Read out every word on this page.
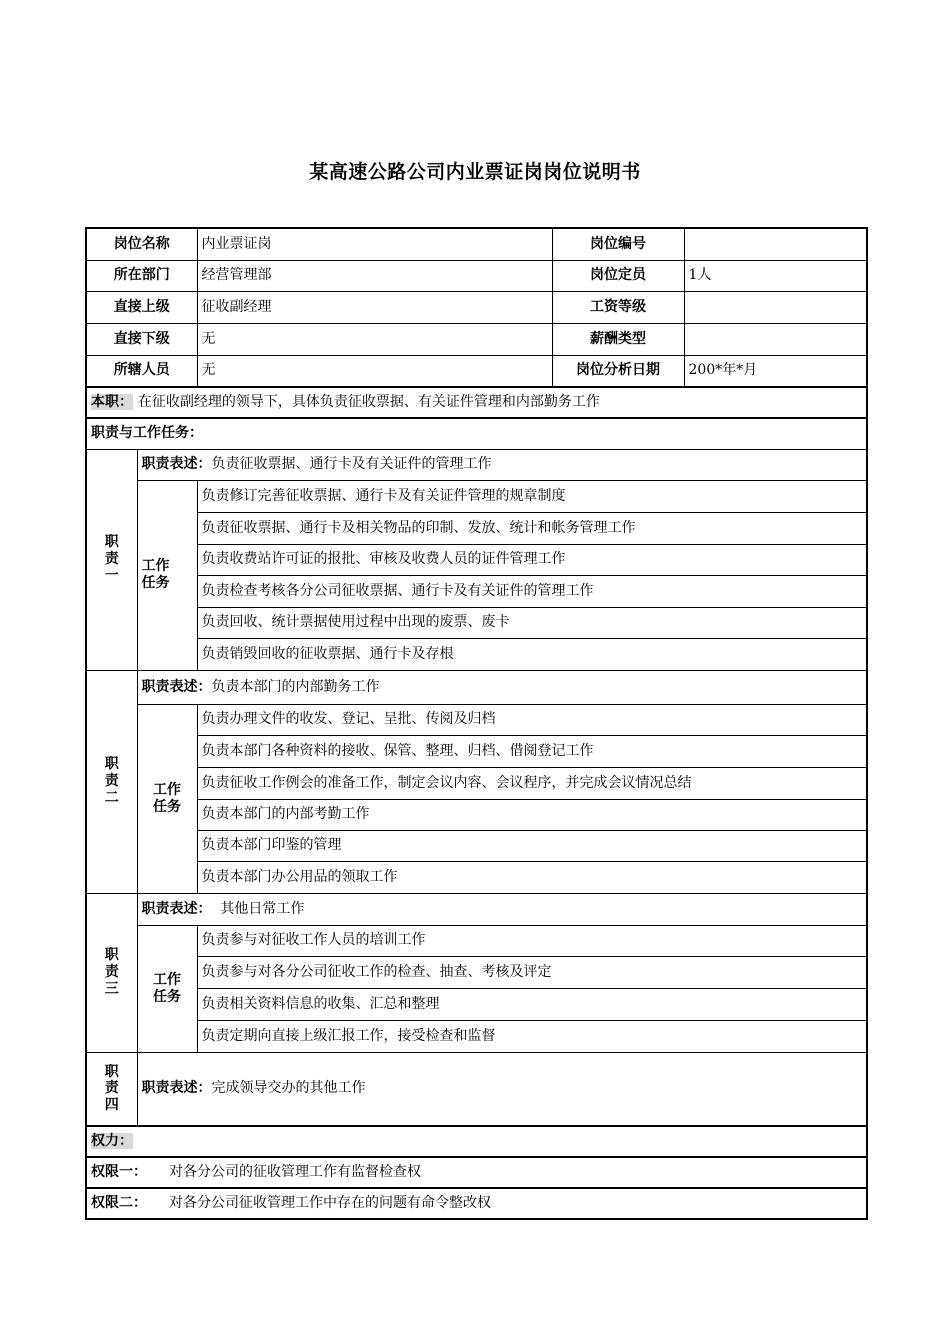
某高速公路公司内业票证岗岗位说明书
岗位名称		内业票证岗	岗位编号	
所在部门		经营管理部	岗位定员	1人
直接上级		征收副经理	工资等级	
直接下级		无	薪酬类型	
所辖人员		无	岗位分析日期	200*年*月
本职： 在征收副经理的领导下，具体负责征收票据、有关证件管理和内部勤务工作				
职责与工作任务：				
职责一	职责表述：负责征收票据、通行卡及有关证件的管理工作			
	工作任务	负责修订完善征收票据、通行卡及有关证件管理的规章制度		
		负责征收票据、通行卡及相关物品的印制、发放、统计和帐务管理工作		
		负责收费站许可证的报批、审核及收费人员的证件管理工作		
		负责检查考核各分公司征收票据、通行卡及有关证件的管理工作		
		负责回收、统计票据使用过程中出现的废票、废卡		
		负责销毁回收的征收票据、通行卡及存根		
职责二	职责表述：负责本部门的内部勤务工作			
	工作任务	负责办理文件的收发、登记、呈批、传阅及归档		
		负责本部门各种资料的接收、保管、整理、归档、借阅登记工作		
		负责征收工作例会的准备工作，制定会议内容、会议程序，并完成会议情况总结		
		负责本部门的内部考勤工作		
		负责本部门印鉴的管理		
		负责本部门办公用品的领取工作		
职责三	职责表述： 其他日常工作			
	工作任务	负责参与对征收工作人员的培训工作		
		负责参与对各分公司征收工作的检查、抽查、考核及评定		
		负责相关资料信息的收集、汇总和整理		
		负责定期向直接上级汇报工作，接受检查和监督		
职责四	职责表述：完成领导交办的其他工作			
权力：				
权限一： 对各分公司的征收管理工作有监督检查权				
权限二： 对各分公司征收管理工作中存在的问题有命令整改权				
